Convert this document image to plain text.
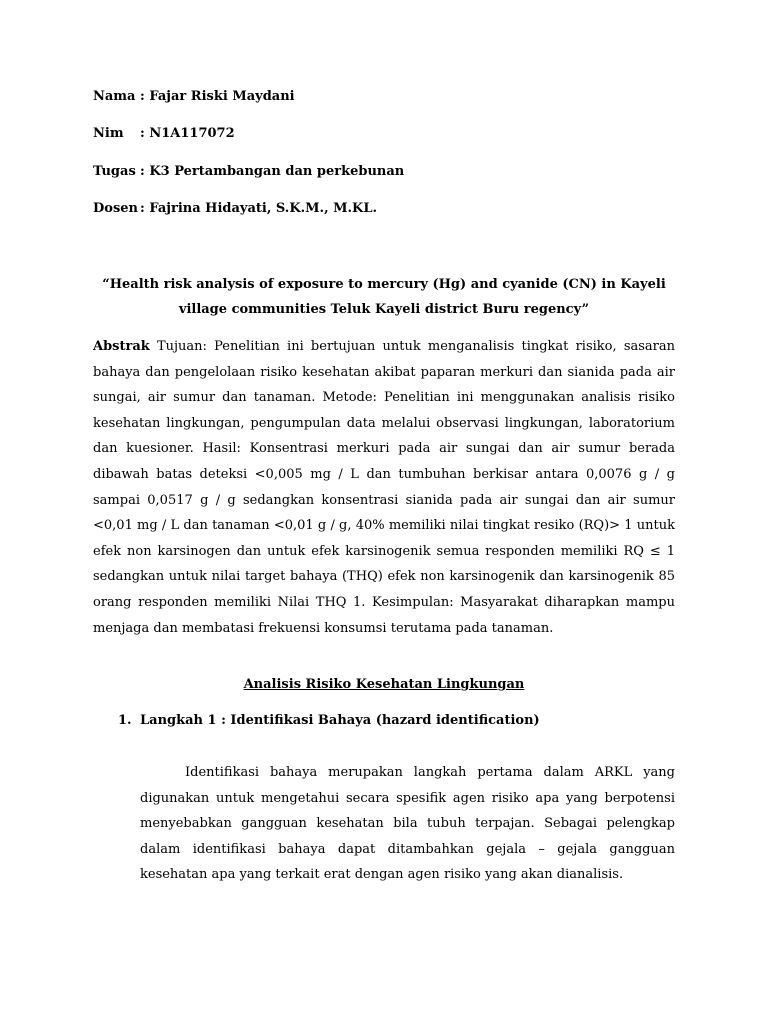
Nama : Fajar Riski Maydani
Nim : N1A117072
Tugas : K3 Pertambangan dan perkebunan
Dosen : Fajrina Hidayati, S.K.M., M.KL.
“Health risk analysis of exposure to mercury (Hg) and cyanide (CN) in Kayeli village communities Teluk Kayeli district Buru regency”
Abstrak Tujuan: Penelitian ini bertujuan untuk menganalisis tingkat risiko, sasaran bahaya dan pengelolaan risiko kesehatan akibat paparan merkuri dan sianida pada air sungai, air sumur dan tanaman. Metode: Penelitian ini menggunakan analisis risiko kesehatan lingkungan, pengumpulan data melalui observasi lingkungan, laboratorium dan kuesioner. Hasil: Konsentrasi merkuri pada air sungai dan air sumur berada dibawah batas deteksi <0,005 mg / L dan tumbuhan berkisar antara 0,0076 g / g sampai 0,0517 g / g sedangkan konsentrasi sianida pada air sungai dan air sumur <0,01 mg / L dan tanaman <0,01 g / g, 40% memiliki nilai tingkat resiko (RQ)> 1 untuk efek non karsinogen dan untuk efek karsinogenik semua responden memiliki RQ ≤ 1 sedangkan untuk nilai target bahaya (THQ) efek non karsinogenik dan karsinogenik 85 orang responden memiliki Nilai THQ 1. Kesimpulan: Masyarakat diharapkan mampu menjaga dan membatasi frekuensi konsumsi terutama pada tanaman.
Analisis Risiko Kesehatan Lingkungan
1. Langkah 1 : Identifikasi Bahaya (hazard identification)
Identifikasi bahaya merupakan langkah pertama dalam ARKL yang digunakan untuk mengetahui secara spesifik agen risiko apa yang berpotensi menyebabkan gangguan kesehatan bila tubuh terpajan. Sebagai pelengkap dalam identifikasi bahaya dapat ditambahkan gejala – gejala gangguan kesehatan apa yang terkait erat dengan agen risiko yang akan dianalisis.
